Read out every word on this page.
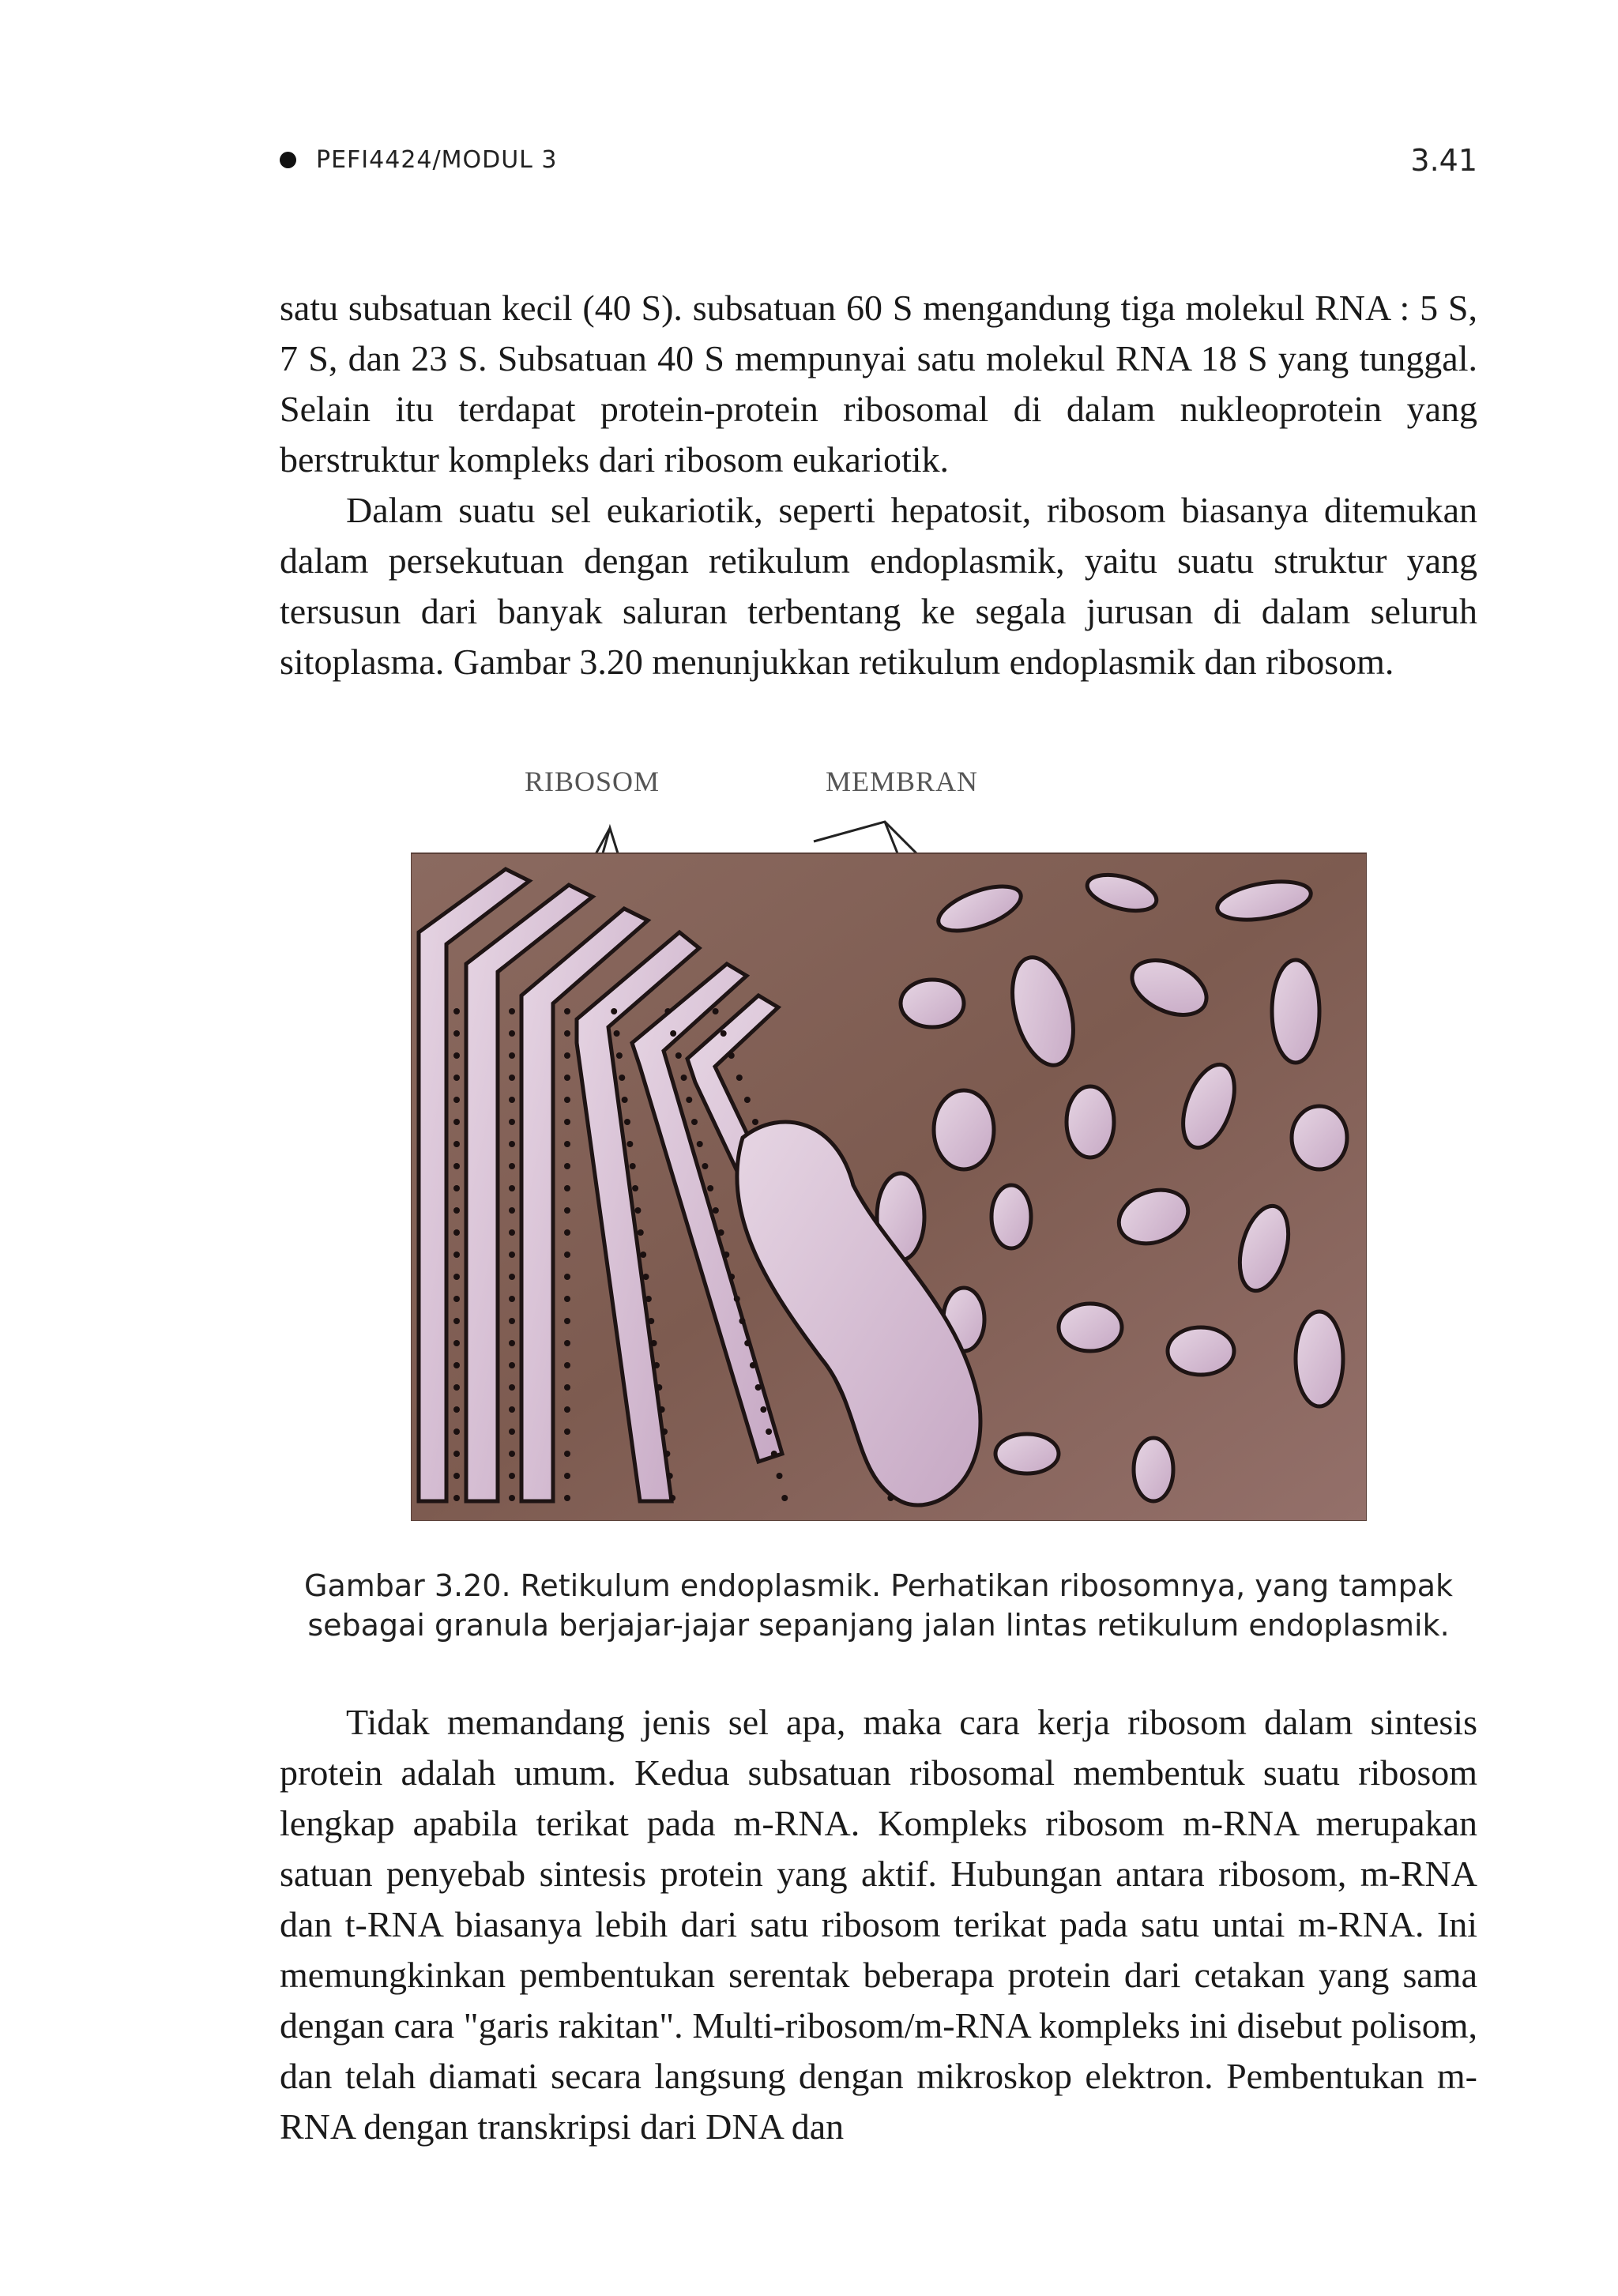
PEFI4424/MODUL 3	3.41

satu subsatuan kecil (40 S). subsatuan 60 S mengandung tiga molekul RNA : 5 S, 7 S, dan 23 S. Subsatuan 40 S mempunyai satu molekul RNA 18 S yang tunggal. Selain itu terdapat protein-protein ribosomal di dalam nukleoprotein yang berstruktur kompleks dari ribosom eukariotik.

Dalam suatu sel eukariotik, seperti hepatosit, ribosom biasanya ditemukan dalam persekutuan dengan retikulum endoplasmik, yaitu suatu struktur yang tersusun dari banyak saluran terbentang ke segala jurusan di dalam seluruh sitoplasma. Gambar 3.20 menunjukkan retikulum endoplasmik dan ribosom.

RIBOSOM	MEMBRAN
Gambar 3.20. Retikulum endoplasmik. Perhatikan ribosomnya, yang tampak sebagai granula berjajar-jajar sepanjang jalan lintas retikulum endoplasmik.

Tidak memandang jenis sel apa, maka cara kerja ribosom dalam sintesis protein adalah umum. Kedua subsatuan ribosomal membentuk suatu ribosom lengkap apabila terikat pada m-RNA. Kompleks ribosom m-RNA merupakan satuan penyebab sintesis protein yang aktif. Hubungan antara ribosom, m-RNA dan t-RNA biasanya lebih dari satu ribosom terikat pada satu untai m-RNA. Ini memungkinkan pembentukan serentak beberapa protein dari cetakan yang sama dengan cara "garis rakitan". Multi-ribosom/m-RNA kompleks ini disebut polisom, dan telah diamati secara langsung dengan mikroskop elektron. Pembentukan m-RNA dengan transkripsi dari DNA dan
